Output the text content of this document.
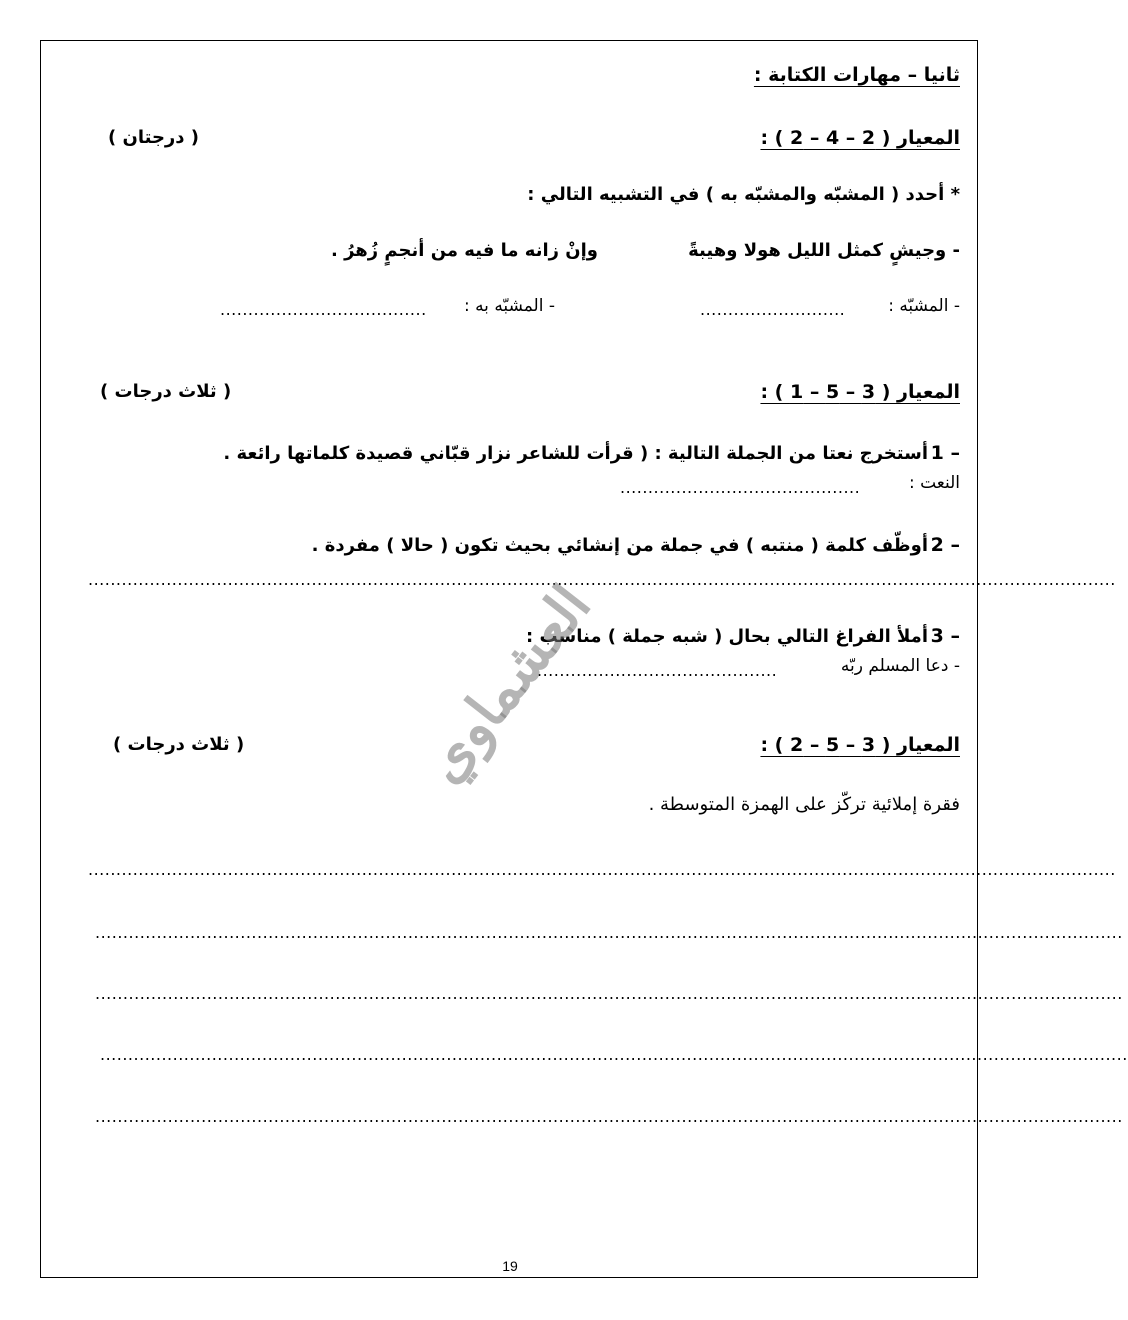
ثانيا – مهارات الكتابة :
المعيار ( 2 – 4 – 2 ) :
( درجتان )
* أحدد ( المشبّه والمشبّه به ) في التشبيه التالي :
- وجيشٍ كمثل الليل هولا وهيبةً
وإنْ زانه ما فيه من أنجمٍ زُهرُ .
- المشبّه :
..........................
- المشبّه به :
.....................................
المعيار ( 3 – 5 – 1 ) :
( ثلاث درجات )
1 –
أستخرج نعتا من الجملة التالية : ( قرأت للشاعر نزار قبّاني قصيدة كلماتها رائعة .
النعت :
...........................................
2 –
أوظّف كلمة ( منتبه ) في جملة من إنشائي بحيث تكون ( حالا ) مفردة .
........................................................................................................................................................................................
3 –
أملأ الفراغ التالي بحال ( شبه جملة ) مناسب :
- دعا المسلم ربّه
...........................................
العشماوي	المعيار ( 3 – 5 – 2 ) :
( ثلاث درجات )
فقرة إملائية تركّز على الهمزة المتوسطة .
........................................................................................................................................................................................
........................................................................................................................................................................................
........................................................................................................................................................................................
........................................................................................................................................................................................
........................................................................................................................................................................................
19
